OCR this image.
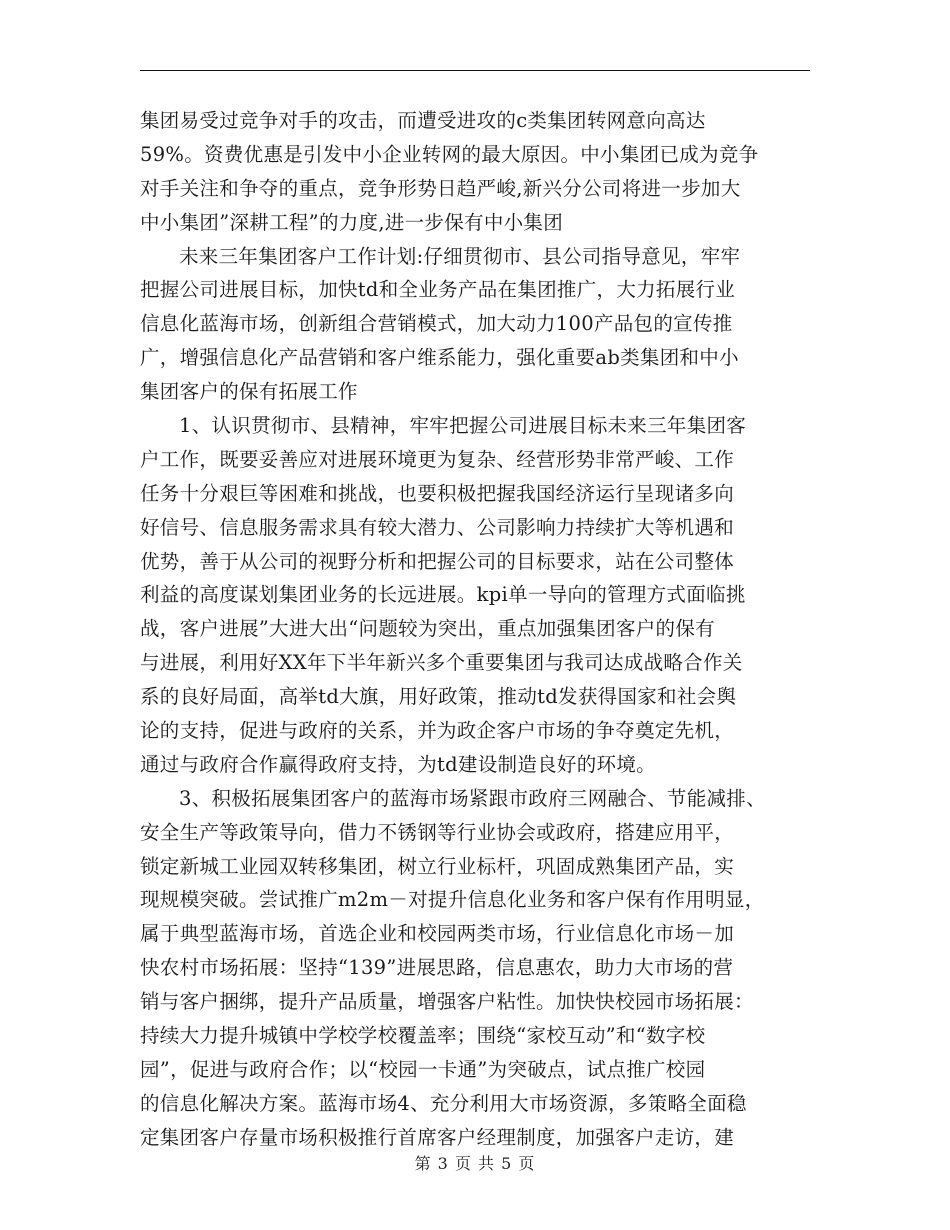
集团易受过竞争对手的攻击，而遭受进攻的c类集团转网意向高达
59%。资费优惠是引发中小企业转网的最大原因。中小集团已成为竞争
对手关注和争夺的重点，竞争形势日趋严峻,新兴分公司将进一步加大
中小集团”深耕工程”的力度,进一步保有中小集团
未来三年集团客户工作计划:仔细贯彻市、县公司指导意见，牢牢
把握公司进展目标，加快td和全业务产品在集团推广，大力拓展行业
信息化蓝海市场，创新组合营销模式，加大动力100产品包的宣传推
广，增强信息化产品营销和客户维系能力，强化重要ab类集团和中小
集团客户的保有拓展工作
1、认识贯彻市、县精神，牢牢把握公司进展目标未来三年集团客
户工作，既要妥善应对进展环境更为复杂、经营形势非常严峻、工作
任务十分艰巨等困难和挑战，也要积极把握我国经济运行呈现诸多向
好信号、信息服务需求具有较大潜力、公司影响力持续扩大等机遇和
优势，善于从公司的视野分析和把握公司的目标要求，站在公司整体
利益的高度谋划集团业务的长远进展。kpi单一导向的管理方式面临挑
战，客户进展”大进大出“问题较为突出，重点加强集团客户的保有
与进展，利用好XX年下半年新兴多个重要集团与我司达成战略合作关
系的良好局面，高举td大旗，用好政策，推动td发获得国家和社会舆
论的支持，促进与政府的关系，并为政企客户市场的争夺奠定先机，
通过与政府合作赢得政府支持，为td建设制造良好的环境。
3、积极拓展集团客户的蓝海市场紧跟市政府三网融合、节能减排、
安全生产等政策导向，借力不锈钢等行业协会或政府，搭建应用平，
锁定新城工业园双转移集团，树立行业标杆，巩固成熟集团产品，实
现规模突破。尝试推广m2m－对提升信息化业务和客户保有作用明显，
属于典型蓝海市场，首选企业和校园两类市场，行业信息化市场－加
快农村市场拓展：坚持“139”进展思路，信息惠农，助力大市场的营
销与客户捆绑，提升产品质量，增强客户粘性。加快快校园市场拓展：
持续大力提升城镇中学校学校覆盖率；围绕“家校互动”和“数字校
园”，促进与政府合作；以“校园一卡通”为突破点，试点推广校园
的信息化解决方案。蓝海市场4、充分利用大市场资源，多策略全面稳
定集团客户存量市场积极推行首席客户经理制度，加强客户走访，建
第 3 页 共 5 页
